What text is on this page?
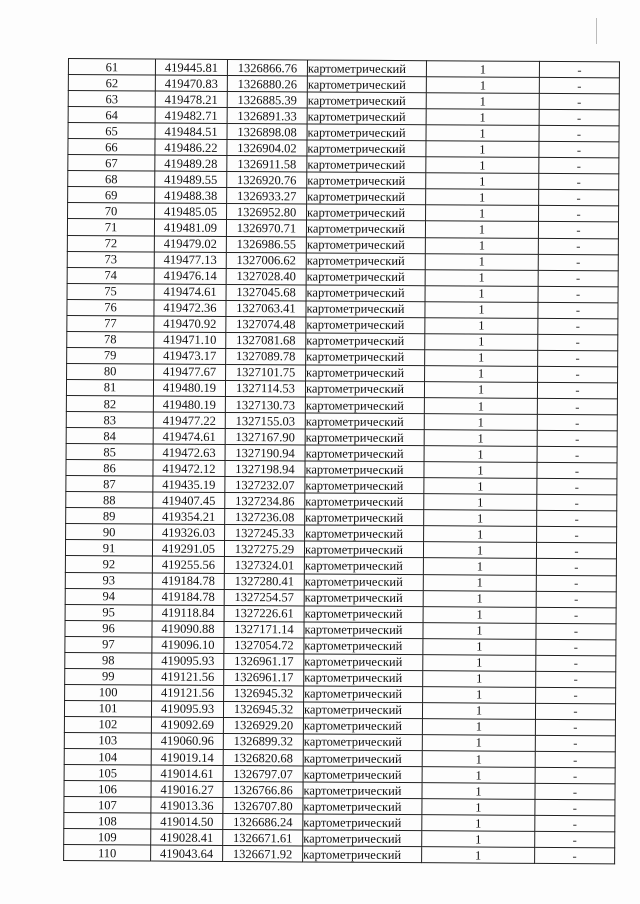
61	419445.81	1326866.76	картометрический	1	-
62	419470.83	1326880.26	картометрический	1	-
63	419478.21	1326885.39	картометрический	1	-
64	419482.71	1326891.33	картометрический	1	-
65	419484.51	1326898.08	картометрический	1	-
66	419486.22	1326904.02	картометрический	1	-
67	419489.28	1326911.58	картометрический	1	-
68	419489.55	1326920.76	картометрический	1	-
69	419488.38	1326933.27	картометрический	1	-
70	419485.05	1326952.80	картометрический	1	-
71	419481.09	1326970.71	картометрический	1	-
72	419479.02	1326986.55	картометрический	1	-
73	419477.13	1327006.62	картометрический	1	-
74	419476.14	1327028.40	картометрический	1	-
75	419474.61	1327045.68	картометрический	1	-
76	419472.36	1327063.41	картометрический	1	-
77	419470.92	1327074.48	картометрический	1	-
78	419471.10	1327081.68	картометрический	1	-
79	419473.17	1327089.78	картометрический	1	-
80	419477.67	1327101.75	картометрический	1	-
81	419480.19	1327114.53	картометрический	1	-
82	419480.19	1327130.73	картометрический	1	-
83	419477.22	1327155.03	картометрический	1	-
84	419474.61	1327167.90	картометрический	1	-
85	419472.63	1327190.94	картометрический	1	-
86	419472.12	1327198.94	картометрический	1	-
87	419435.19	1327232.07	картометрический	1	-
88	419407.45	1327234.86	картометрический	1	-
89	419354.21	1327236.08	картометрический	1	-
90	419326.03	1327245.33	картометрический	1	-
91	419291.05	1327275.29	картометрический	1	-
92	419255.56	1327324.01	картометрический	1	-
93	419184.78	1327280.41	картометрический	1	-
94	419184.78	1327254.57	картометрический	1	-
95	419118.84	1327226.61	картометрический	1	-
96	419090.88	1327171.14	картометрический	1	-
97	419096.10	1327054.72	картометрический	1	-
98	419095.93	1326961.17	картометрический	1	-
99	419121.56	1326961.17	картометрический	1	-
100	419121.56	1326945.32	картометрический	1	-
101	419095.93	1326945.32	картометрический	1	-
102	419092.69	1326929.20	картометрический	1	-
103	419060.96	1326899.32	картометрический	1	-
104	419019.14	1326820.68	картометрический	1	-
105	419014.61	1326797.07	картометрический	1	-
106	419016.27	1326766.86	картометрический	1	-
107	419013.36	1326707.80	картометрический	1	-
108	419014.50	1326686.24	картометрический	1	-
109	419028.41	1326671.61	картометрический	1	-
110	419043.64	1326671.92	картометрический	1	-
